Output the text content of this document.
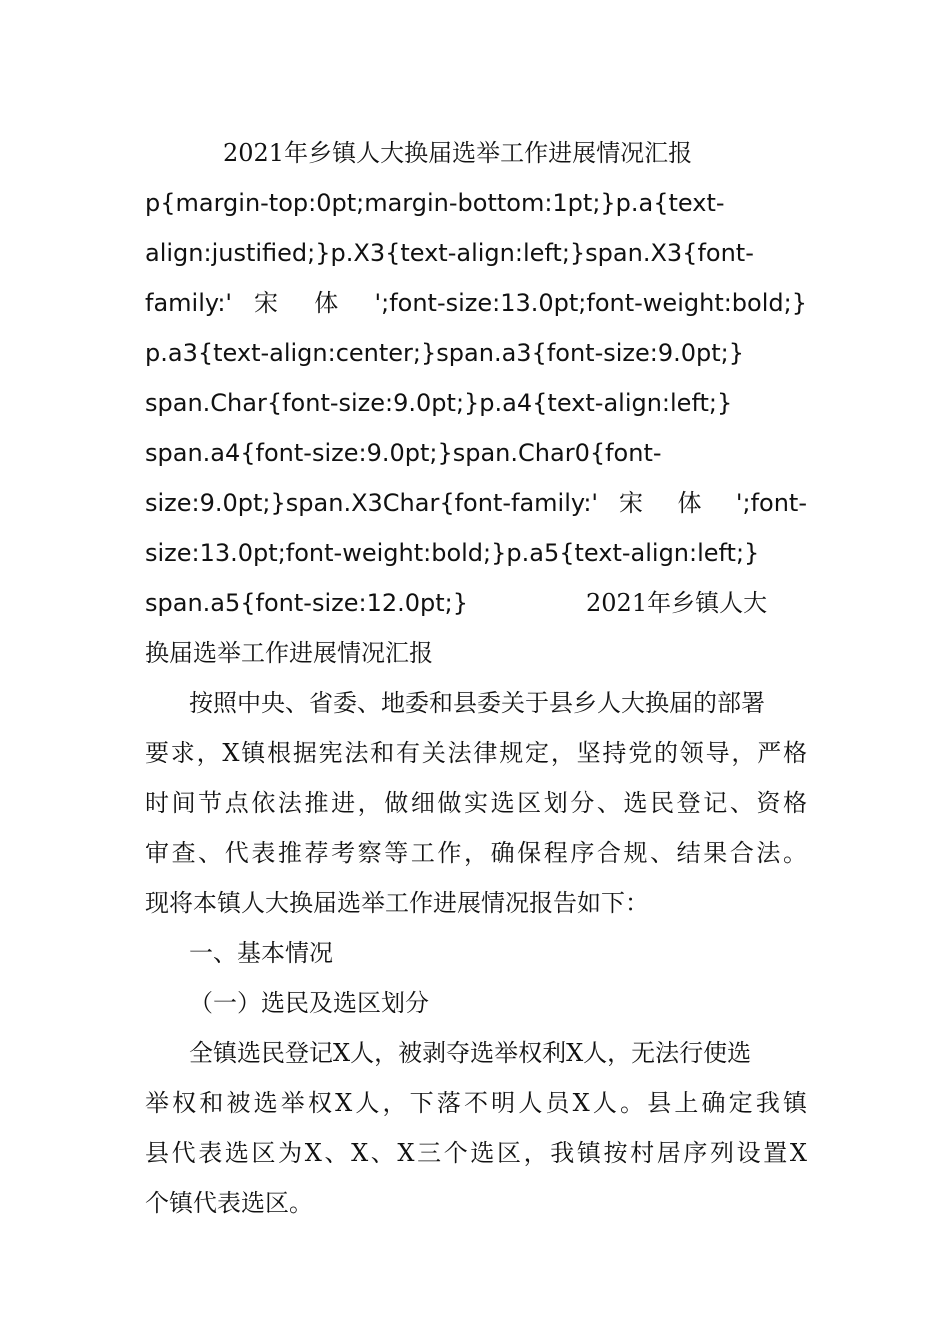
2021年乡镇人大换届选举工作进展情况汇报
p{margin-top:0pt;margin-bottom:1pt;}p.a{text-
align:justified;}p.X3{text-align:left;}span.X3{font-
family:' 宋 体 ';font-size:13.0pt;font-weight:bold;}
p.a3{text-align:center;}span.a3{font-size:9.0pt;}
span.Char{font-size:9.0pt;}p.a4{text-align:left;}
span.a4{font-size:9.0pt;}span.Char0{font-
size:9.0pt;}span.X3Char{font-family:' 宋 体 ';font-
size:13.0pt;font-weight:bold;}p.a5{text-align:left;}
span.a5{font-size:12.0pt;}	2021年乡镇人大
换届选举工作进展情况汇报
按照中央、省委、地委和县委关于县乡人大换届的部署
要求，X镇根据宪法和有关法律规定，坚持党的领导，严格
时间节点依法推进，做细做实选区划分、选民登记、资格
审查、代表推荐考察等工作，确保程序合规、结果合法。
现将本镇人大换届选举工作进展情况报告如下：
一、基本情况
（一）选民及选区划分
全镇选民登记X人，被剥夺选举权利X人，无法行使选
举权和被选举权X人，下落不明人员X人。县上确定我镇
县代表选区为X、X、X三个选区，我镇按村居序列设置X
个镇代表选区。
